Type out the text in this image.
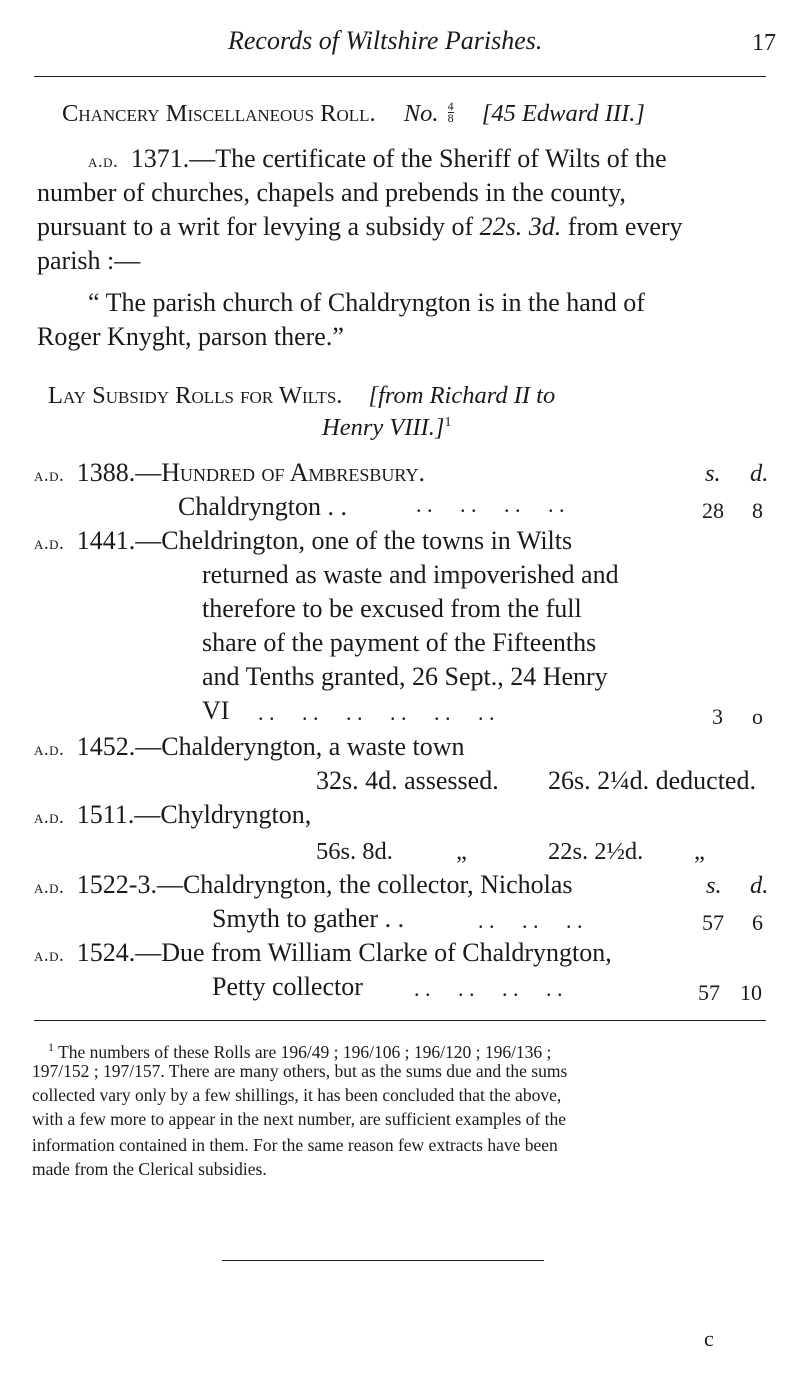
Records of Wiltshire Parishes.	17
Chancery Miscellaneous Roll. No. $\frac{4}{8} [45$ Edward III.]
a.d. 1371.—The certificate of the Sheriff of Wilts of the
number of churches, chapels and prebends in the county,
pursuant to a writ for levying a subsidy of 22s. 3d. from every
parish :—
“ The parish church of Chaldryngton is in the hand of
Roger Knyght, parson there.”
Lay Subsidy Rolls for Wilts. [from Richard II to
Henry VIII.]$^1$
a.d. 1388.—Hundred of Ambresbury.	s. d.
Chaldryngton . .	. .     . .     . .     . .	28 8
a.d. 1441.—Cheldrington, one of the towns in Wilts
returned as waste and impoverished and
therefore to be excused from the full
share of the payment of the Fifteenths
and Tenths granted, 26 Sept., 24 Henry
VI . .     . .     . .     . .     . .     . .	3 o
a.d. 1452.—Chalderyngton, a waste town
32s. 4d. assessed. 26s. 2¼d. deducted.
a.d. 1511.—Chyldryngton,
56s. 8d.	„	22s. 2½d. „
a.d. 1522-3.—Chaldryngton, the collector, Nicholas	s. d.
Smyth to gather . .	. .     . .     . .	57 6
a.d. 1524.—Due from William Clarke of Chaldryngton,
Petty collector . .     . .     . .     . .	57 10
$^1$ The numbers of these Rolls are 196/49 ; 196/106 ; 196/120 ; 196/136 ;
197/152 ; 197/157. There are many others, but as the sums due and the sums
collected vary only by a few shillings, it has been concluded that the above,
with a few more to appear in the next number, are sufficient examples of the
information contained in them. For the same reason few extracts have been
made from the Clerical subsidies.
c
